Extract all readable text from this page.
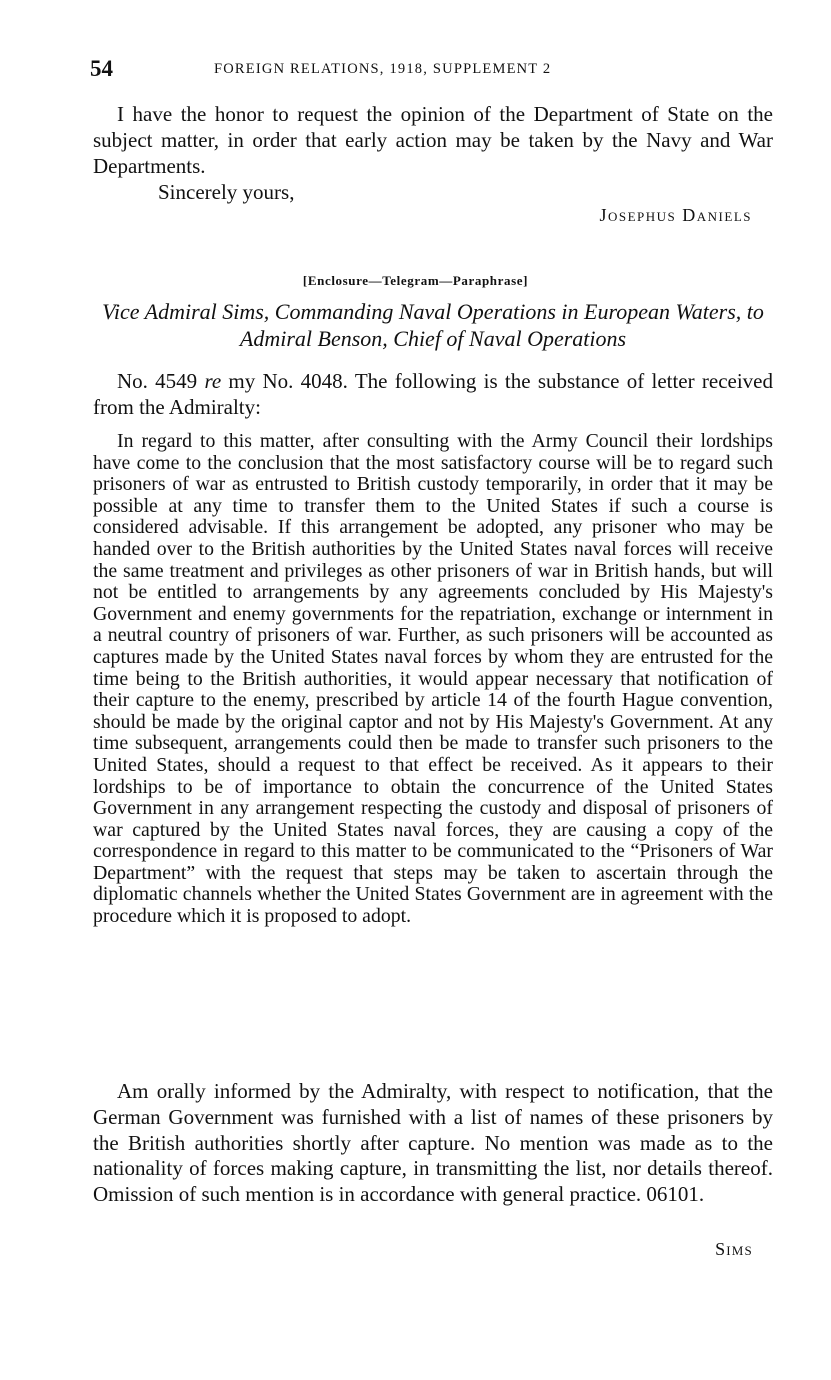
54	FOREIGN RELATIONS, 1918, SUPPLEMENT 2

I have the honor to request the opinion of the Department of State on the subject matter, in order that early action may be taken by the Navy and War Departments.

Sincerely yours,
Josephus Daniels
[Enclosure—Telegram—Paraphrase]
Vice Admiral Sims, Commanding Naval Operations in European Waters, to Admiral Benson, Chief of Naval Operations

No. 4549 re my No. 4048. The following is the substance of letter received from the Admiralty:

In regard to this matter, after consulting with the Army Council their lordships have come to the conclusion that the most satisfactory course will be to regard such prisoners of war as entrusted to British custody temporarily, in order that it may be possible at any time to transfer them to the United States if such a course is considered advisable. If this arrangement be adopted, any prisoner who may be handed over to the British authorities by the United States naval forces will receive the same treatment and privileges as other prisoners of war in British hands, but will not be entitled to arrangements by any agreements concluded by His Majesty's Government and enemy governments for the repatriation, exchange or internment in a neutral country of prisoners of war. Further, as such prisoners will be accounted as captures made by the United States naval forces by whom they are entrusted for the time being to the British authorities, it would appear necessary that notification of their capture to the enemy, prescribed by article 14 of the fourth Hague convention, should be made by the original captor and not by His Majesty's Government. At any time subsequent, arrangements could then be made to transfer such prisoners to the United States, should a request to that effect be received. As it appears to their lordships to be of importance to obtain the concurrence of the United States Government in any arrangement respecting the custody and disposal of prisoners of war captured by the United States naval forces, they are causing a copy of the correspondence in regard to this matter to be communicated to the “Prisoners of War Department” with the request that steps may be taken to ascertain through the diplomatic channels whether the United States Government are in agreement with the procedure which it is proposed to adopt.

Am orally informed by the Admiralty, with respect to notification, that the German Government was furnished with a list of names of these prisoners by the British authorities shortly after capture. No mention was made as to the nationality of forces making capture, in transmitting the list, nor details thereof. Omission of such mention is in accordance with general practice. 06101.

Sims
